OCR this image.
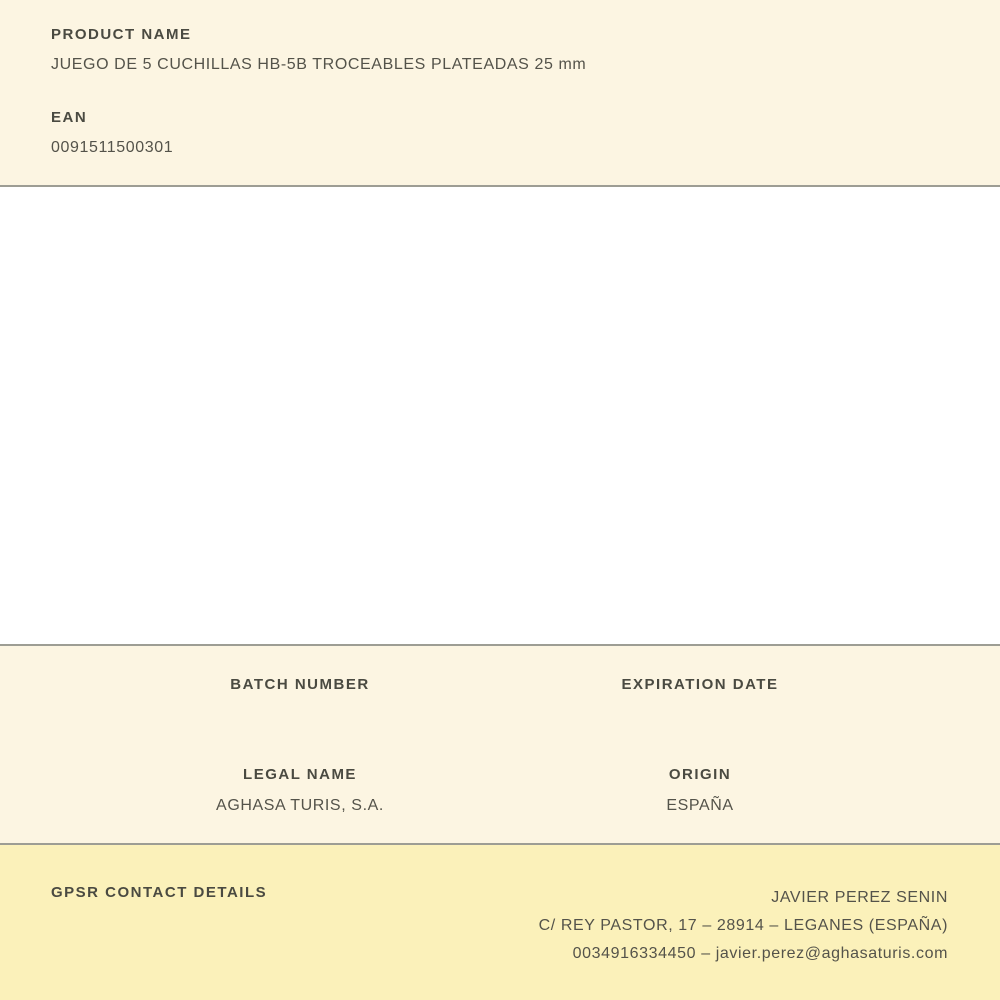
PRODUCT NAME
JUEGO DE 5 CUCHILLAS HB-5B TROCEABLES PLATEADAS 25 mm
EAN
0091511500301
BATCH NUMBER
LEGAL NAME
AGHASA TURIS, S.A.
EXPIRATION DATE
ORIGIN
ESPAÑA
GPSR CONTACT DETAILS	JAVIER PEREZ SENIN
C/ REY PASTOR, 17 – 28914 – LEGANES (ESPAÑA)
0034916334450 – javier.perez@aghasaturis.com
